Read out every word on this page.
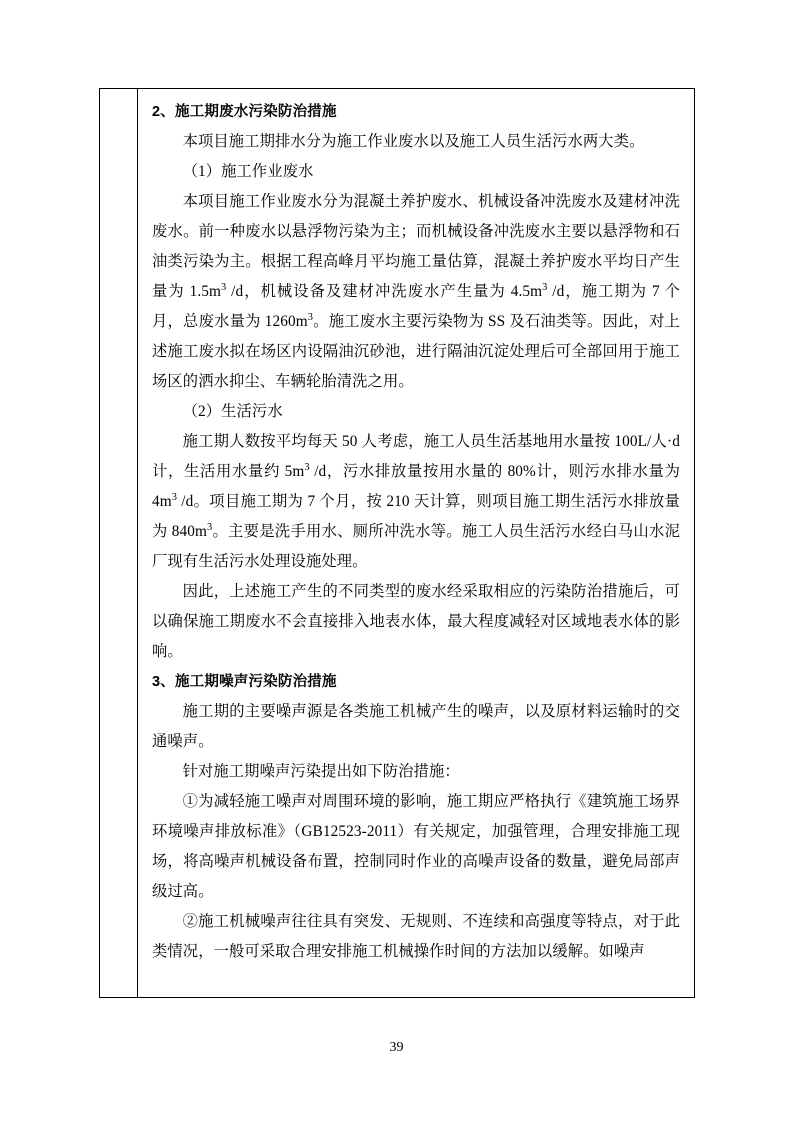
2、施工期废水污染防治措施

本项目施工期排水分为施工作业废水以及施工人员生活污水两大类。

（1）施工作业废水

本项目施工作业废水分为混凝土养护废水、机械设备冲洗废水及建材冲洗废水。前一种废水以悬浮物污染为主；而机械设备冲洗废水主要以悬浮物和石油类污染为主。根据工程高峰月平均施工量估算，混凝土养护废水平均日产生量为 $1.5m^3$ /d，机械设备及建材冲洗废水产生量为 $4.5m^3$ /d，施工期为 7 个月，总废水量为 $1260m^3$。施工废水主要污染物为 SS 及石油类等。因此，对上述施工废水拟在场区内设隔油沉砂池，进行隔油沉淀处理后可全部回用于施工场区的洒水抑尘、车辆轮胎清洗之用。

（2）生活污水

施工期人数按平均每天 50 人考虑，施工人员生活基地用水量按 100L/人·d 计，生活用水量约 $5m^3$ /d，污水排放量按用水量的 80%计，则污水排水量为 $4m^3$ /d。项目施工期为 7 个月，按 210 天计算，则项目施工期生活污水排放量为 $840m^3$。主要是洗手用水、厕所冲洗水等。施工人员生活污水经白马山水泥厂现有生活污水处理设施处理。

因此，上述施工产生的不同类型的废水经采取相应的污染防治措施后，可以确保施工期废水不会直接排入地表水体，最大程度减轻对区域地表水体的影响。

3、施工期噪声污染防治措施

施工期的主要噪声源是各类施工机械产生的噪声，以及原材料运输时的交通噪声。

针对施工期噪声污染提出如下防治措施：

①为减轻施工噪声对周围环境的影响，施工期应严格执行《建筑施工场界环境噪声排放标准》（GB12523-2011）有关规定，加强管理，合理安排施工现场，将高噪声机械设备布置，控制同时作业的高噪声设备的数量，避免局部声级过高。

②施工机械噪声往往具有突发、无规则、不连续和高强度等特点，对于此类情况，一般可采取合理安排施工机械操作时间的方法加以缓解。如噪声

39
